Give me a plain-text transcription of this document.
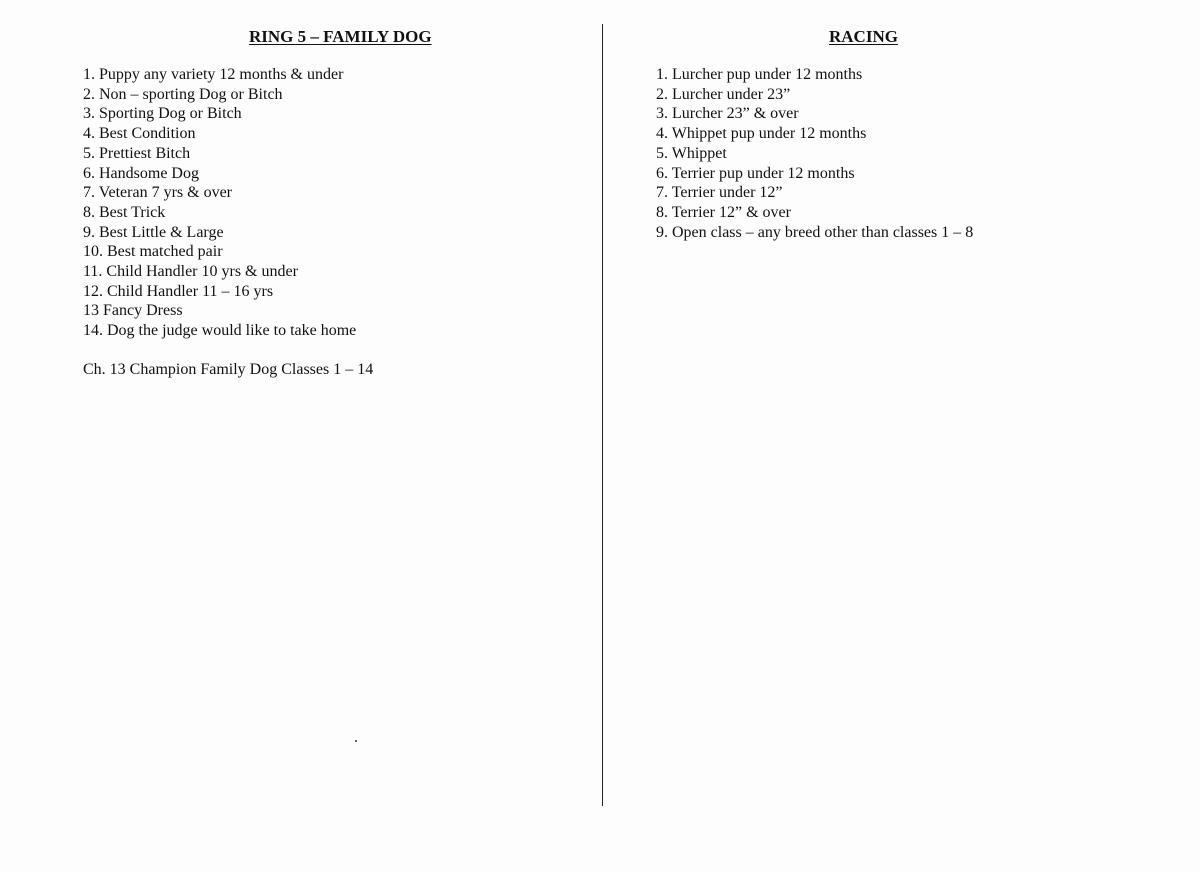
RING 5 – FAMILY DOG
1. Puppy any variety 12 months & under
2. Non – sporting Dog or Bitch
3. Sporting Dog or Bitch
4. Best Condition
5. Prettiest Bitch
6. Handsome Dog
7. Veteran 7 yrs & over
8. Best Trick
9. Best Little & Large
10. Best matched pair
11. Child Handler 10 yrs & under
12. Child Handler 11 – 16 yrs
13 Fancy Dress
14. Dog the judge would like to take home

Ch. 13 Champion Family Dog Classes 1 – 14

RACING
1. Lurcher pup under 12 months
2. Lurcher under 23”
3. Lurcher 23” & over
4. Whippet pup under 12 months
5. Whippet
6. Terrier pup under 12 months
7. Terrier under 12”
8. Terrier 12” & over
9. Open class – any breed other than classes 1 – 8
